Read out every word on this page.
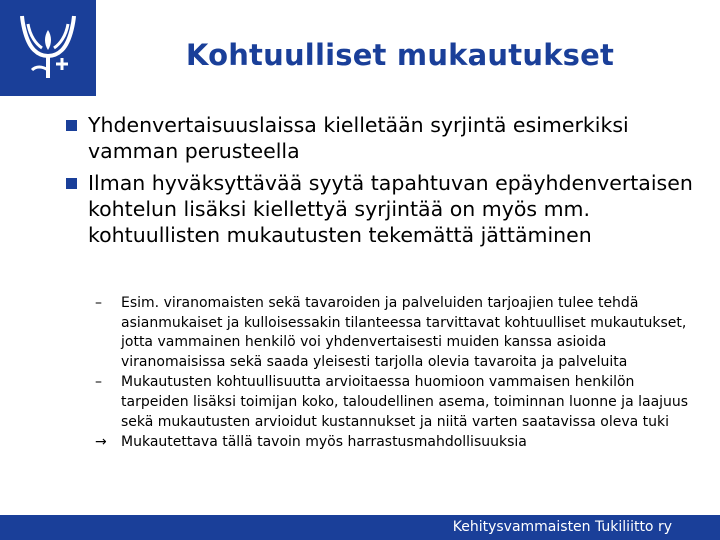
Kohtuulliset mukautukset
Yhdenvertaisuuslaissa kielletään syrjintä esimerkiksi vamman perusteella
Ilman hyväksyttävää syytä tapahtuvan epäyhdenvertaisen kohtelun lisäksi kiellettyä syrjintää on myös mm. kohtuullisten mukautusten tekemättä jättäminen
–	Esim. viranomaisten sekä tavaroiden ja palveluiden tarjoajien tulee tehdä asianmukaiset ja kulloisessakin tilanteessa tarvittavat kohtuulliset mukautukset, jotta vammainen henkilö voi yhdenvertaisesti muiden kanssa asioida viranomaisissa sekä saada yleisesti tarjolla olevia tavaroita ja palveluita
–	Mukautusten kohtuullisuutta arvioitaessa huomioon vammaisen henkilön tarpeiden lisäksi toimijan koko, taloudellinen asema, toiminnan luonne ja laajuus sekä mukautusten arvioidut kustannukset ja niitä varten saatavissa oleva tuki
→	Mukautettava tällä tavoin myös harrastusmahdollisuuksia
Kehitysvammaisten Tukiliitto ry
